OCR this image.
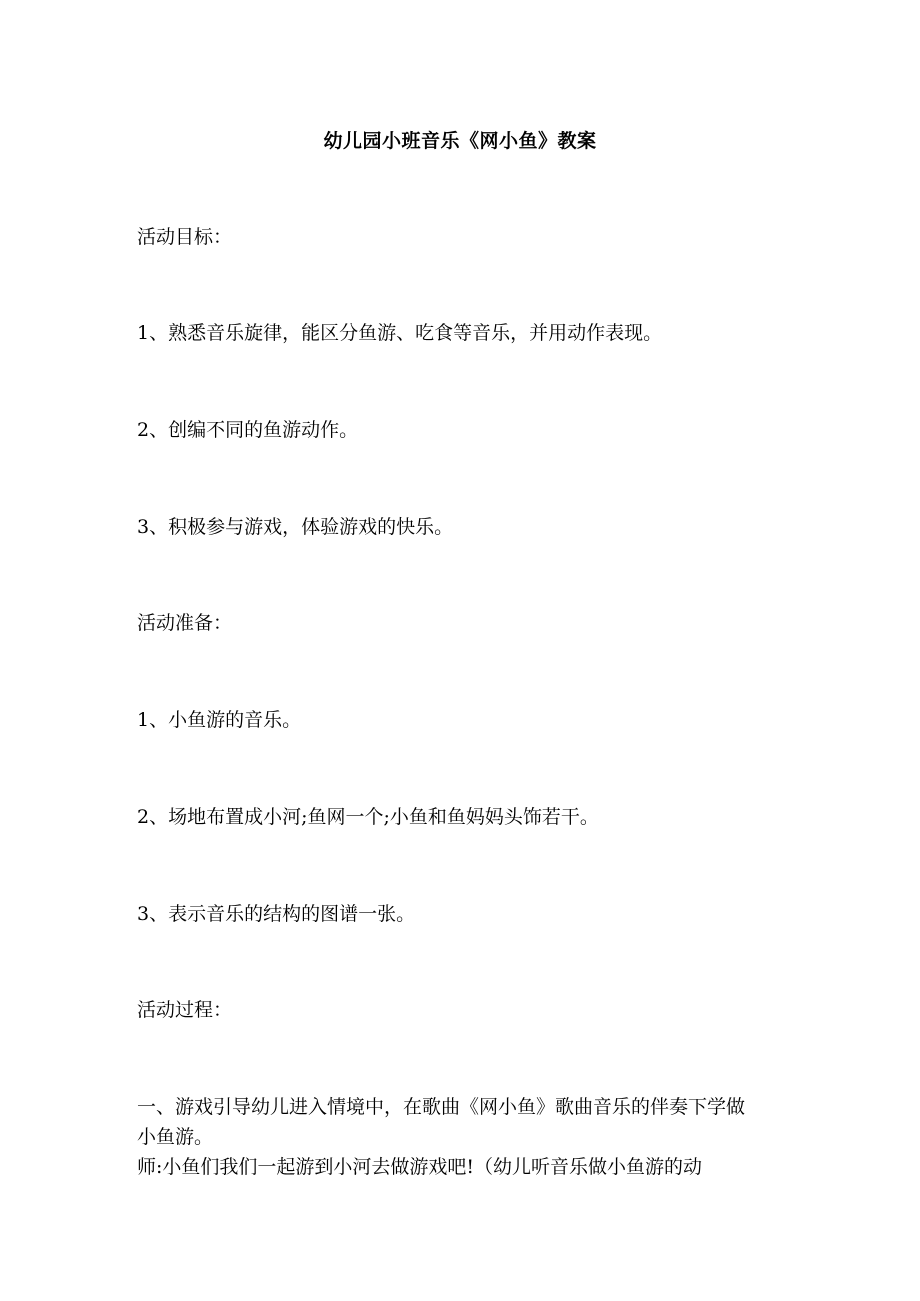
幼儿园小班音乐《网小鱼》教案
活动目标：
1、熟悉音乐旋律，能区分鱼游、吃食等音乐，并用动作表现。
2、创编不同的鱼游动作。
3、积极参与游戏，体验游戏的快乐。
活动准备：
1、小鱼游的音乐。
2、场地布置成小河;鱼网一个;小鱼和鱼妈妈头饰若干。
3、表示音乐的结构的图谱一张。
活动过程：
一、游戏引导幼儿进入情境中，在歌曲《网小鱼》歌曲音乐的伴奏下学做
小鱼游。
师:小鱼们我们一起游到小河去做游戏吧!（幼儿听音乐做小鱼游的动
